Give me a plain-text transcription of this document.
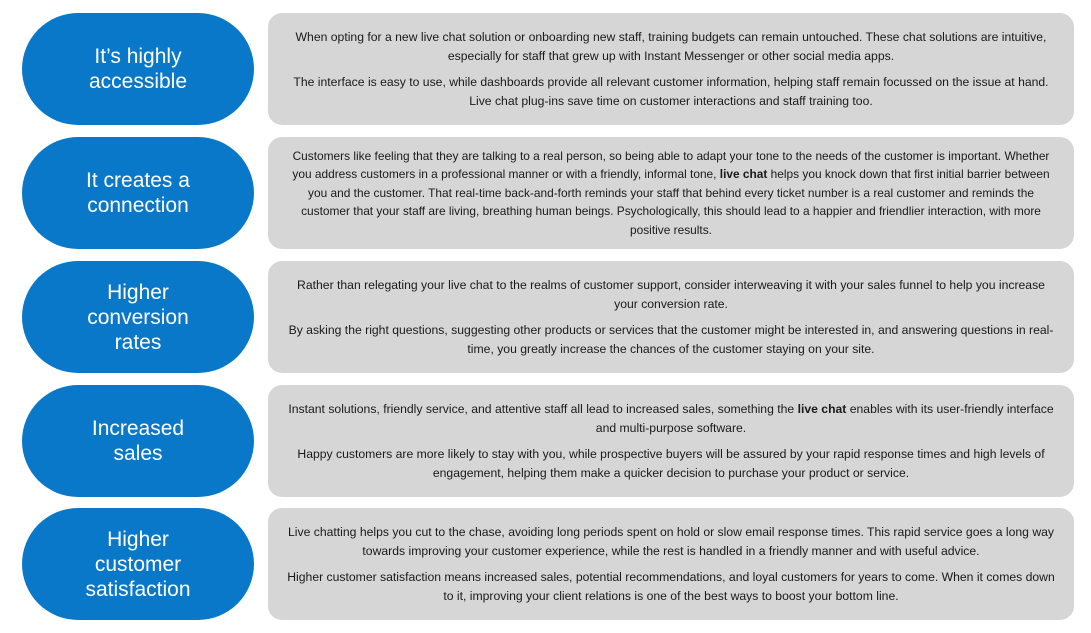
It’s highly
accessible

When opting for a new live chat solution or onboarding new staff, training budgets can remain untouched. These chat solutions are intuitive, especially for staff that grew up with Instant Messenger or other social media apps.

The interface is easy to use, while dashboards provide all relevant customer information, helping staff remain focussed on the issue at hand. Live chat plug-ins save time on customer interactions and staff training too.

It creates a
connection

Customers like feeling that they are talking to a real person, so being able to adapt your tone to the needs of the customer is important. Whether you address customers in a professional manner or with a friendly, informal tone, live chat helps you knock down that first initial barrier between you and the customer. That real-time back-and-forth reminds your staff that behind every ticket number is a real customer and reminds the customer that your staff are living, breathing human beings. Psychologically, this should lead to a happier and friendlier interaction, with more positive results.

Higher
conversion
rates

Rather than relegating your live chat to the realms of customer support, consider interweaving it with your sales funnel to help you increase your conversion rate.

By asking the right questions, suggesting other products or services that the customer might be interested in, and answering questions in real-time, you greatly increase the chances of the customer staying on your site.

Increased
sales

Instant solutions, friendly service, and attentive staff all lead to increased sales, something the live chat enables with its user-friendly interface and multi-purpose software.

Happy customers are more likely to stay with you, while prospective buyers will be assured by your rapid response times and high levels of engagement, helping them make a quicker decision to purchase your product or service.

Higher
customer
satisfaction

Live chatting helps you cut to the chase, avoiding long periods spent on hold or slow email response times. This rapid service goes a long way towards improving your customer experience, while the rest is handled in a friendly manner and with useful advice.

Higher customer satisfaction means increased sales, potential recommendations, and loyal customers for years to come. When it comes down to it, improving your client relations is one of the best ways to boost your bottom line.
